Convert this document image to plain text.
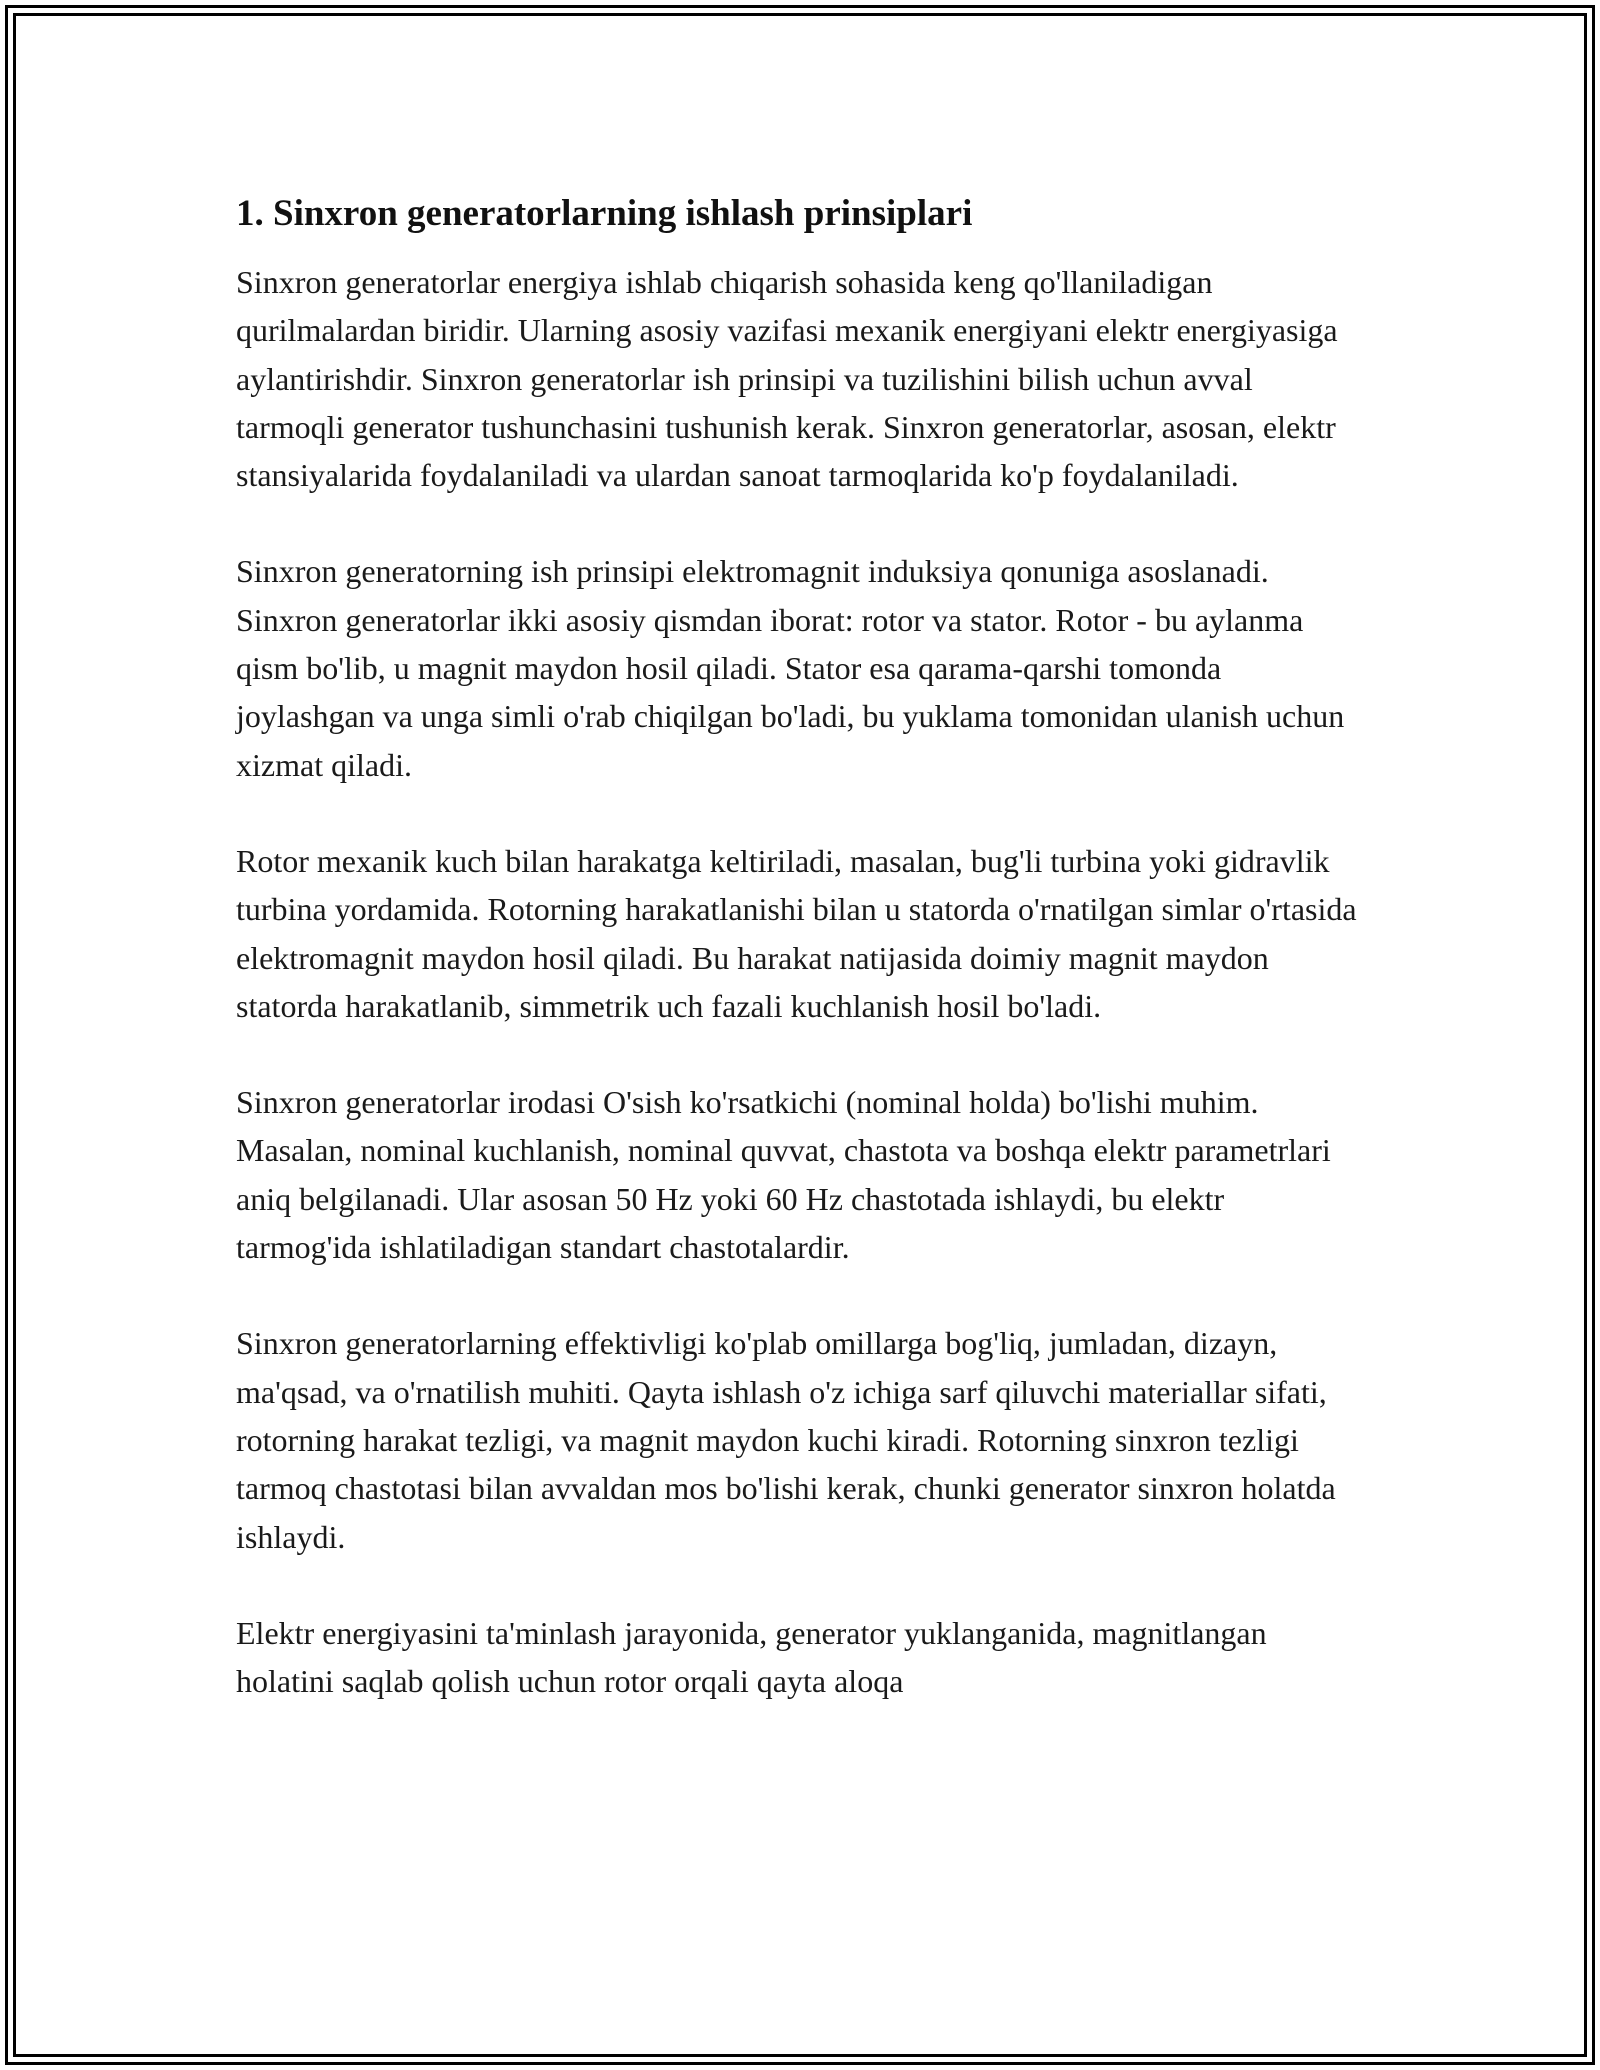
1. Sinxron generatorlarning ishlash prinsiplari

Sinxron generatorlar energiya ishlab chiqarish sohasida keng qo'llaniladigan qurilmalardan biridir. Ularning asosiy vazifasi mexanik energiyani elektr energiyasiga aylantirishdir. Sinxron generatorlar ish prinsipi va tuzilishini bilish uchun avval tarmoqli generator tushunchasini tushunish kerak. Sinxron generatorlar, asosan, elektr stansiyalarida foydalaniladi va ulardan sanoat tarmoqlarida ko'p foydalaniladi.

Sinxron generatorning ish prinsipi elektromagnit induksiya qonuniga asoslanadi. Sinxron generatorlar ikki asosiy qismdan iborat: rotor va stator. Rotor - bu aylanma qism bo'lib, u magnit maydon hosil qiladi. Stator esa qarama-qarshi tomonda joylashgan va unga simli o'rab chiqilgan bo'ladi, bu yuklama tomonidan ulanish uchun xizmat qiladi.

Rotor mexanik kuch bilan harakatga keltiriladi, masalan, bug'li turbina yoki gidravlik turbina yordamida. Rotorning harakatlanishi bilan u statorda o'rnatilgan simlar o'rtasida elektromagnit maydon hosil qiladi. Bu harakat natijasida doimiy magnit maydon statorda harakatlanib, simmetrik uch fazali kuchlanish hosil bo'ladi.

Sinxron generatorlar irodasi O'sish ko'rsatkichi (nominal holda) bo'lishi muhim. Masalan, nominal kuchlanish, nominal quvvat, chastota va boshqa elektr parametrlari aniq belgilanadi. Ular asosan 50 Hz yoki 60 Hz chastotada ishlaydi, bu elektr tarmog'ida ishlatiladigan standart chastotalardir.

Sinxron generatorlarning effektivligi ko'plab omillarga bog'liq, jumladan, dizayn, ma'qsad, va o'rnatilish muhiti. Qayta ishlash o'z ichiga sarf qiluvchi materiallar sifati, rotorning harakat tezligi, va magnit maydon kuchi kiradi. Rotorning sinxron tezligi tarmoq chastotasi bilan avvaldan mos bo'lishi kerak, chunki generator sinxron holatda ishlaydi.

Elektr energiyasini ta'minlash jarayonida, generator yuklanganida, magnitlangan holatini saqlab qolish uchun rotor orqali qayta aloqa
